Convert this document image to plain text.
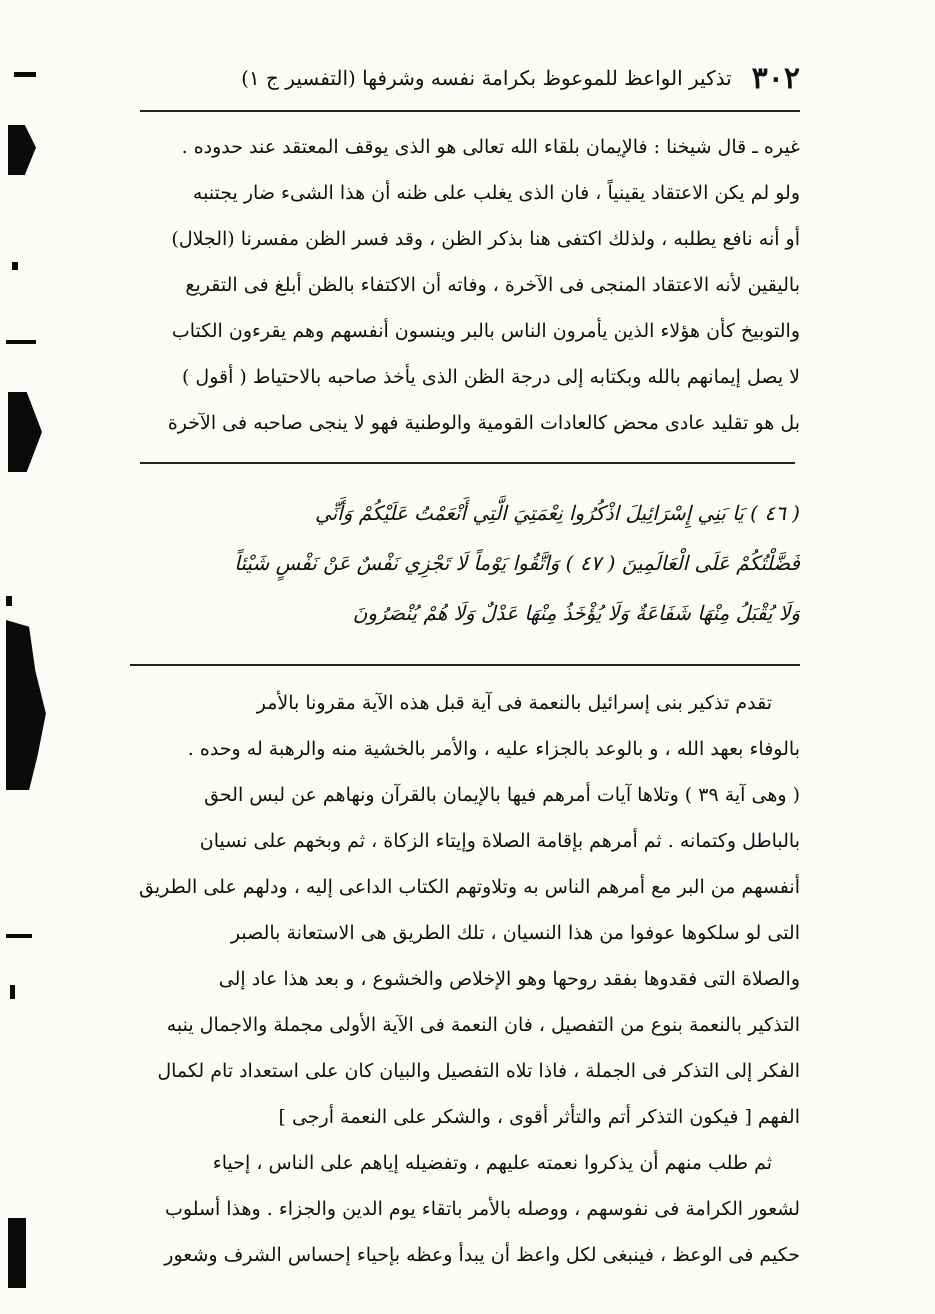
٣٠٢
تذكير الواعظ للموعوظ بكرامة نفسه وشرفها (التفسير ج ١)
غيره ـ قال شيخنا : فالإيمان بلقاء الله تعالى هو الذى يوقف المعتقد عند حدوده .
ولو لم يكن الاعتقاد يقينياً ، فان الذى يغلب على ظنه أن هذا الشىء ضار يجتنبه
أو أنه نافع يطلبه ، ولذلك اكتفى هنا بذكر الظن ، وقد فسر الظن مفسرنا (الجلال)
باليقين لأنه الاعتقاد المنجى فى الآخرة ، وفاته أن الاكتفاء بالظن أبلغ فى التقريع
والتوبيخ كأن هؤلاء الذين يأمرون الناس بالبر وينسون أنفسهم وهم يقرءون الكتاب
لا يصل إيمانهم بالله وبكتابه إلى درجة الظن الذى يأخذ صاحبه بالاحتياط ( أقول )
بل هو تقليد عادى محض كالعادات القومية والوطنية فهو لا ينجى صاحبه فى الآخرة
( ٤٦ ) يَا بَنِي إِسْرَائِيلَ اذْكُرُوا نِعْمَتِيَ الَّتِي أَنْعَمْتُ عَلَيْكُمْ وَأَنِّي
فَضَّلْتُكُمْ عَلَى الْعَالَمِينَ ( ٤٧ ) وَاتَّقُوا يَوْماً لَا تَجْزِي نَفْسٌ عَنْ نَفْسٍ شَيْئاً
وَلَا يُقْبَلُ مِنْهَا شَفَاعَةٌ وَلَا يُؤْخَذُ مِنْهَا عَدْلٌ وَلَا هُمْ يُنْصَرُونَ
تقدم تذكير بنى إسرائيل بالنعمة فى آية قبل هذه الآية مقرونا بالأمر
بالوفاء بعهد الله ، و بالوعد بالجزاء عليه ، والأمر بالخشية منه والرهبة له وحده .
( وهى آية ٣٩ ) وتلاها آيات أمرهم فيها بالإيمان بالقرآن ونهاهم عن لبس الحق
بالباطل وكتمانه . ثم أمرهم بإقامة الصلاة وإيتاء الزكاة ، ثم وبخهم على نسيان
أنفسهم من البر مع أمرهم الناس به وتلاوتهم الكتاب الداعى إليه ، ودلهم على الطريق
التى لو سلكوها عوفوا من هذا النسيان ، تلك الطريق هى الاستعانة بالصبر
والصلاة التى فقدوها بفقد روحها وهو الإخلاص والخشوع ، و بعد هذا عاد إلى
التذكير بالنعمة بنوع من التفصيل ، فان النعمة فى الآية الأولى مجملة والاجمال ينبه
الفكر إلى التذكر فى الجملة ، فاذا تلاه التفصيل والبيان كان على استعداد تام لكمال
الفهم [ فيكون التذكر أتم والتأثر أقوى ، والشكر على النعمة أرجى ]
ثم طلب منهم أن يذكروا نعمته عليهم ، وتفضيله إياهم على الناس ، إحياء
لشعور الكرامة فى نفوسهم ، ووصله بالأمر باتقاء يوم الدين والجزاء . وهذا أسلوب
حكيم فى الوعظ ، فينبغى لكل واعظ أن يبدأ وعظه بإحياء إحساس الشرف وشعور
